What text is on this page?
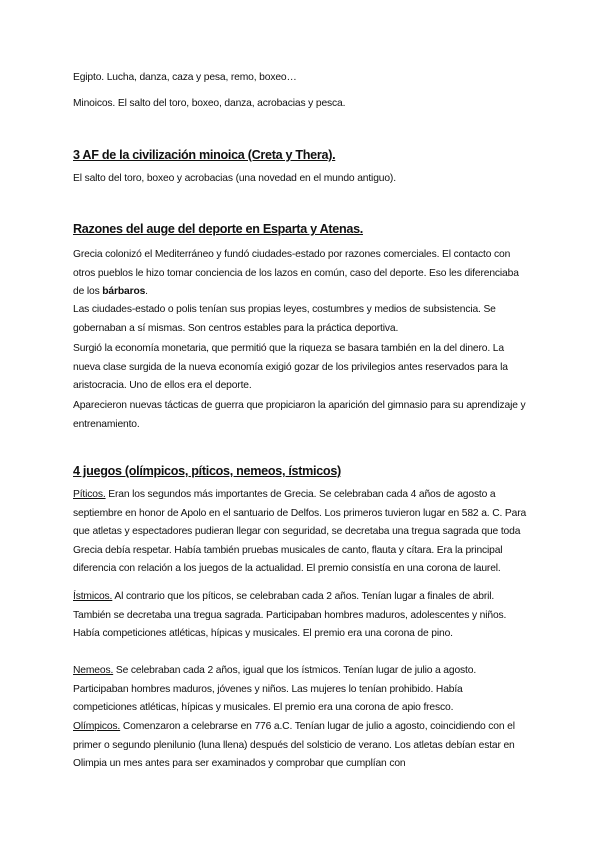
Egipto. Lucha, danza, caza y pesa, remo, boxeo…

Minoicos. El salto del toro, boxeo, danza, acrobacias y pesca.

3 AF de la civilización minoica (Creta y Thera).

El salto del toro, boxeo y acrobacias (una novedad en el mundo antiguo).

Razones del auge del deporte en Esparta y Atenas.

Grecia colonizó el Mediterráneo y fundó ciudades-estado por razones comerciales. El contacto con otros pueblos le hizo tomar conciencia de los lazos en común, caso del deporte. Eso les diferenciaba de los bárbaros.

Las ciudades-estado o polis tenían sus propias leyes, costumbres y medios de subsistencia. Se gobernaban a sí mismas. Son centros estables para la práctica deportiva.

Surgió la economía monetaria, que permitió que la riqueza se basara también en la del dinero. La nueva clase surgida de la nueva economía exigió gozar de los privilegios antes reservados para la aristocracia. Uno de ellos era el deporte.

Aparecieron nuevas tácticas de guerra que propiciaron la aparición del gimnasio para su aprendizaje y entrenamiento.

4 juegos (olímpicos, píticos, nemeos, ístmicos)

Píticos. Eran los segundos más importantes de Grecia. Se celebraban cada 4 años de agosto a septiembre en honor de Apolo en el santuario de Delfos. Los primeros tuvieron lugar en 582 a. C. Para que atletas y espectadores pudieran llegar con seguridad, se decretaba una tregua sagrada que toda Grecia debía respetar. Había también pruebas musicales de canto, flauta y cítara. Era la principal diferencia con relación a los juegos de la actualidad. El premio consistía en una corona de laurel.

Ístmicos. Al contrario que los píticos, se celebraban cada 2 años. Tenían lugar a finales de abril. También se decretaba una tregua sagrada. Participaban hombres maduros, adolescentes y niños. Había competiciones atléticas, hípicas y musicales. El premio era una corona de pino.

Nemeos. Se celebraban cada 2 años, igual que los ístmicos. Tenían lugar de julio a agosto. Participaban hombres maduros, jóvenes y niños. Las mujeres lo tenían prohibido. Había competiciones atléticas, hípicas y musicales. El premio era una corona de apio fresco.

Olímpicos. Comenzaron a celebrarse en 776 a.C. Tenían lugar de julio a agosto, coincidiendo con el primer o segundo plenilunio (luna llena) después del solsticio de verano. Los atletas debían estar en Olimpia un mes antes para ser examinados y comprobar que cumplían con
